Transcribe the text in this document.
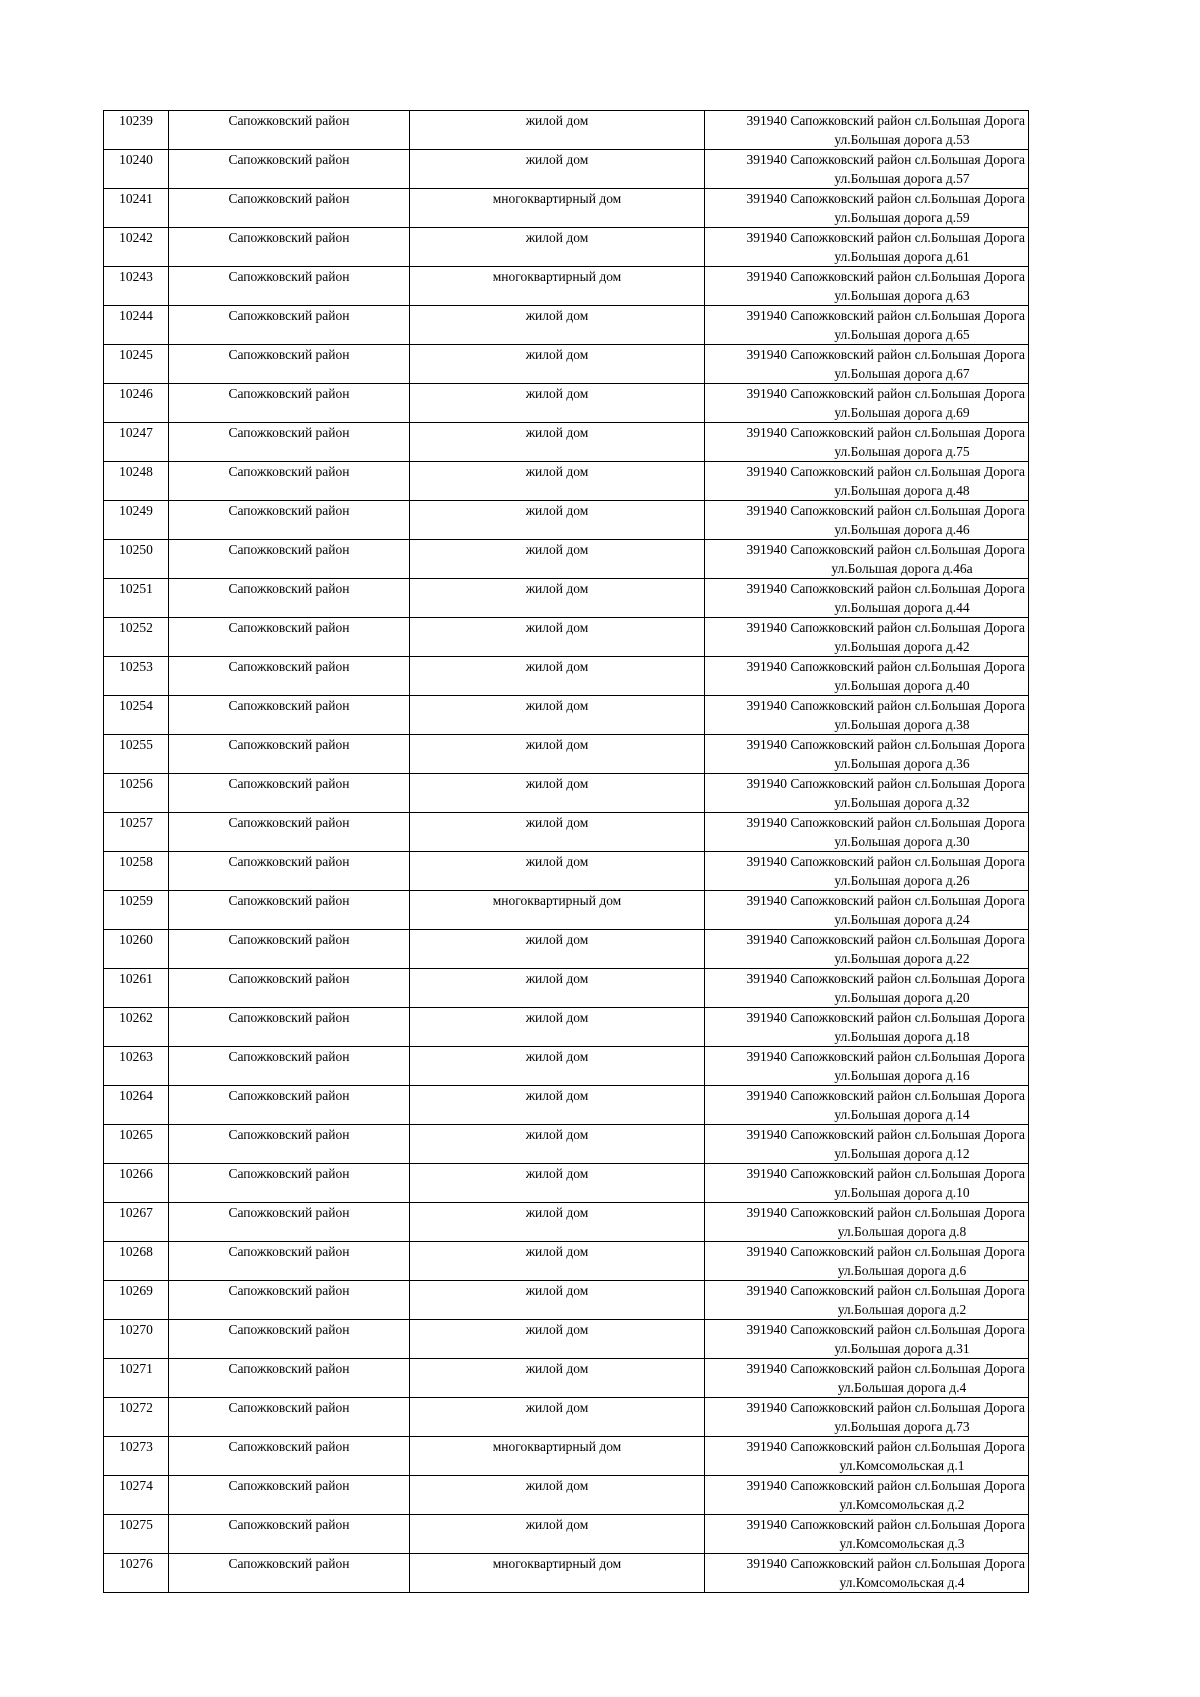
10239	Сапожковский район	жилой дом	391940 Сапожковский район сл.Большая Дорога
ул.Большая дорога д.53

10240	Сапожковский район	жилой дом	391940 Сапожковский район сл.Большая Дорога
ул.Большая дорога д.57

10241	Сапожковский район	многоквартирный дом	391940 Сапожковский район сл.Большая Дорога
ул.Большая дорога д.59

10242	Сапожковский район	жилой дом	391940 Сапожковский район сл.Большая Дорога
ул.Большая дорога д.61

10243	Сапожковский район	многоквартирный дом	391940 Сапожковский район сл.Большая Дорога
ул.Большая дорога д.63

10244	Сапожковский район	жилой дом	391940 Сапожковский район сл.Большая Дорога
ул.Большая дорога д.65

10245	Сапожковский район	жилой дом	391940 Сапожковский район сл.Большая Дорога
ул.Большая дорога д.67

10246	Сапожковский район	жилой дом	391940 Сапожковский район сл.Большая Дорога
ул.Большая дорога д.69

10247	Сапожковский район	жилой дом	391940 Сапожковский район сл.Большая Дорога
ул.Большая дорога д.75

10248	Сапожковский район	жилой дом	391940 Сапожковский район сл.Большая Дорога
ул.Большая дорога д.48

10249	Сапожковский район	жилой дом	391940 Сапожковский район сл.Большая Дорога
ул.Большая дорога д.46

10250	Сапожковский район	жилой дом	391940 Сапожковский район сл.Большая Дорога
ул.Большая дорога д.46а

10251	Сапожковский район	жилой дом	391940 Сапожковский район сл.Большая Дорога
ул.Большая дорога д.44

10252	Сапожковский район	жилой дом	391940 Сапожковский район сл.Большая Дорога
ул.Большая дорога д.42

10253	Сапожковский район	жилой дом	391940 Сапожковский район сл.Большая Дорога
ул.Большая дорога д.40

10254	Сапожковский район	жилой дом	391940 Сапожковский район сл.Большая Дорога
ул.Большая дорога д.38

10255	Сапожковский район	жилой дом	391940 Сапожковский район сл.Большая Дорога
ул.Большая дорога д.36

10256	Сапожковский район	жилой дом	391940 Сапожковский район сл.Большая Дорога
ул.Большая дорога д.32

10257	Сапожковский район	жилой дом	391940 Сапожковский район сл.Большая Дорога
ул.Большая дорога д.30

10258	Сапожковский район	жилой дом	391940 Сапожковский район сл.Большая Дорога
ул.Большая дорога д.26

10259	Сапожковский район	многоквартирный дом	391940 Сапожковский район сл.Большая Дорога
ул.Большая дорога д.24

10260	Сапожковский район	жилой дом	391940 Сапожковский район сл.Большая Дорога
ул.Большая дорога д.22

10261	Сапожковский район	жилой дом	391940 Сапожковский район сл.Большая Дорога
ул.Большая дорога д.20

10262	Сапожковский район	жилой дом	391940 Сапожковский район сл.Большая Дорога
ул.Большая дорога д.18

10263	Сапожковский район	жилой дом	391940 Сапожковский район сл.Большая Дорога
ул.Большая дорога д.16

10264	Сапожковский район	жилой дом	391940 Сапожковский район сл.Большая Дорога
ул.Большая дорога д.14

10265	Сапожковский район	жилой дом	391940 Сапожковский район сл.Большая Дорога
ул.Большая дорога д.12

10266	Сапожковский район	жилой дом	391940 Сапожковский район сл.Большая Дорога
ул.Большая дорога д.10

10267	Сапожковский район	жилой дом	391940 Сапожковский район сл.Большая Дорога
ул.Большая дорога д.8

10268	Сапожковский район	жилой дом	391940 Сапожковский район сл.Большая Дорога
ул.Большая дорога д.6

10269	Сапожковский район	жилой дом	391940 Сапожковский район сл.Большая Дорога
ул.Большая дорога д.2

10270	Сапожковский район	жилой дом	391940 Сапожковский район сл.Большая Дорога
ул.Большая дорога д.31

10271	Сапожковский район	жилой дом	391940 Сапожковский район сл.Большая Дорога
ул.Большая дорога д.4

10272	Сапожковский район	жилой дом	391940 Сапожковский район сл.Большая Дорога
ул.Большая дорога д.73

10273	Сапожковский район	многоквартирный дом	391940 Сапожковский район сл.Большая Дорога
ул.Комсомольская д.1

10274	Сапожковский район	жилой дом	391940 Сапожковский район сл.Большая Дорога
ул.Комсомольская д.2

10275	Сапожковский район	жилой дом	391940 Сапожковский район сл.Большая Дорога
ул.Комсомольская д.3

10276	Сапожковский район	многоквартирный дом	391940 Сапожковский район сл.Большая Дорога
ул.Комсомольская д.4
